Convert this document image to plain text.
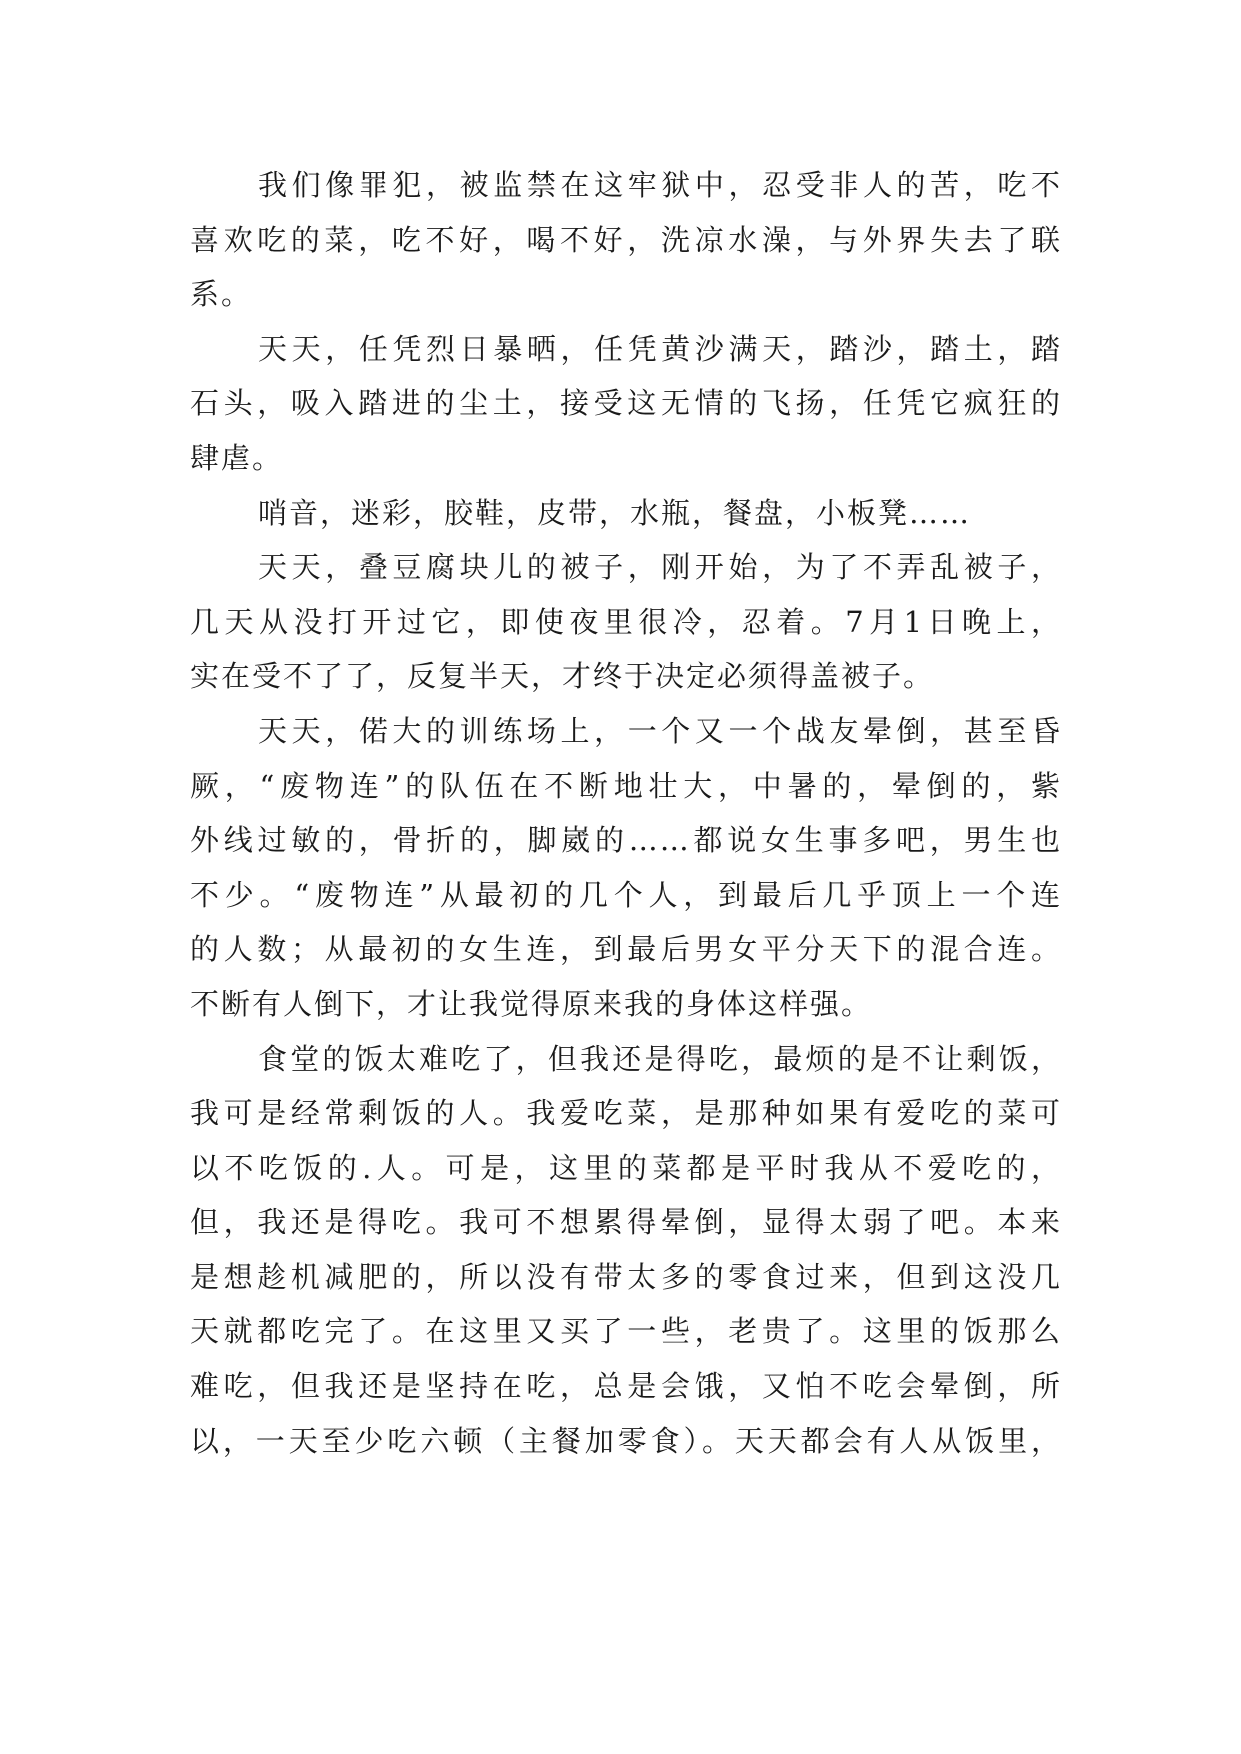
我们像罪犯，被监禁在这牢狱中，忍受非人的苦，吃不
喜欢吃的菜，吃不好，喝不好，洗凉水澡，与外界失去了联
系。
天天，任凭烈日暴晒，任凭黄沙满天，踏沙，踏土，踏
石头，吸入踏进的尘土，接受这无情的飞扬，任凭它疯狂的
肆虐。
哨音，迷彩，胶鞋，皮带，水瓶，餐盘，小板凳……
天天，叠豆腐块儿的被子，刚开始，为了不弄乱被子，
几天从没打开过它，即使夜里很冷，忍着。7月1日晚上，
实在受不了了，反复半天，才终于决定必须得盖被子。
天天，偌大的训练场上，一个又一个战友晕倒，甚至昏
厥，“废物连”的队伍在不断地壮大，中暑的，晕倒的，紫
外线过敏的，骨折的，脚崴的……都说女生事多吧，男生也
不少。“废物连”从最初的几个人，到最后几乎顶上一个连
的人数；从最初的女生连，到最后男女平分天下的混合连。
不断有人倒下，才让我觉得原来我的身体这样强。
食堂的饭太难吃了，但我还是得吃，最烦的是不让剩饭，
我可是经常剩饭的人。我爱吃菜，是那种如果有爱吃的菜可
以不吃饭的.人。可是，这里的菜都是平时我从不爱吃的，
但，我还是得吃。我可不想累得晕倒，显得太弱了吧。本来
是想趁机减肥的，所以没有带太多的零食过来，但到这没几
天就都吃完了。在这里又买了一些，老贵了。这里的饭那么
难吃，但我还是坚持在吃，总是会饿，又怕不吃会晕倒，所
以，一天至少吃六顿（主餐加零食）。天天都会有人从饭里，
